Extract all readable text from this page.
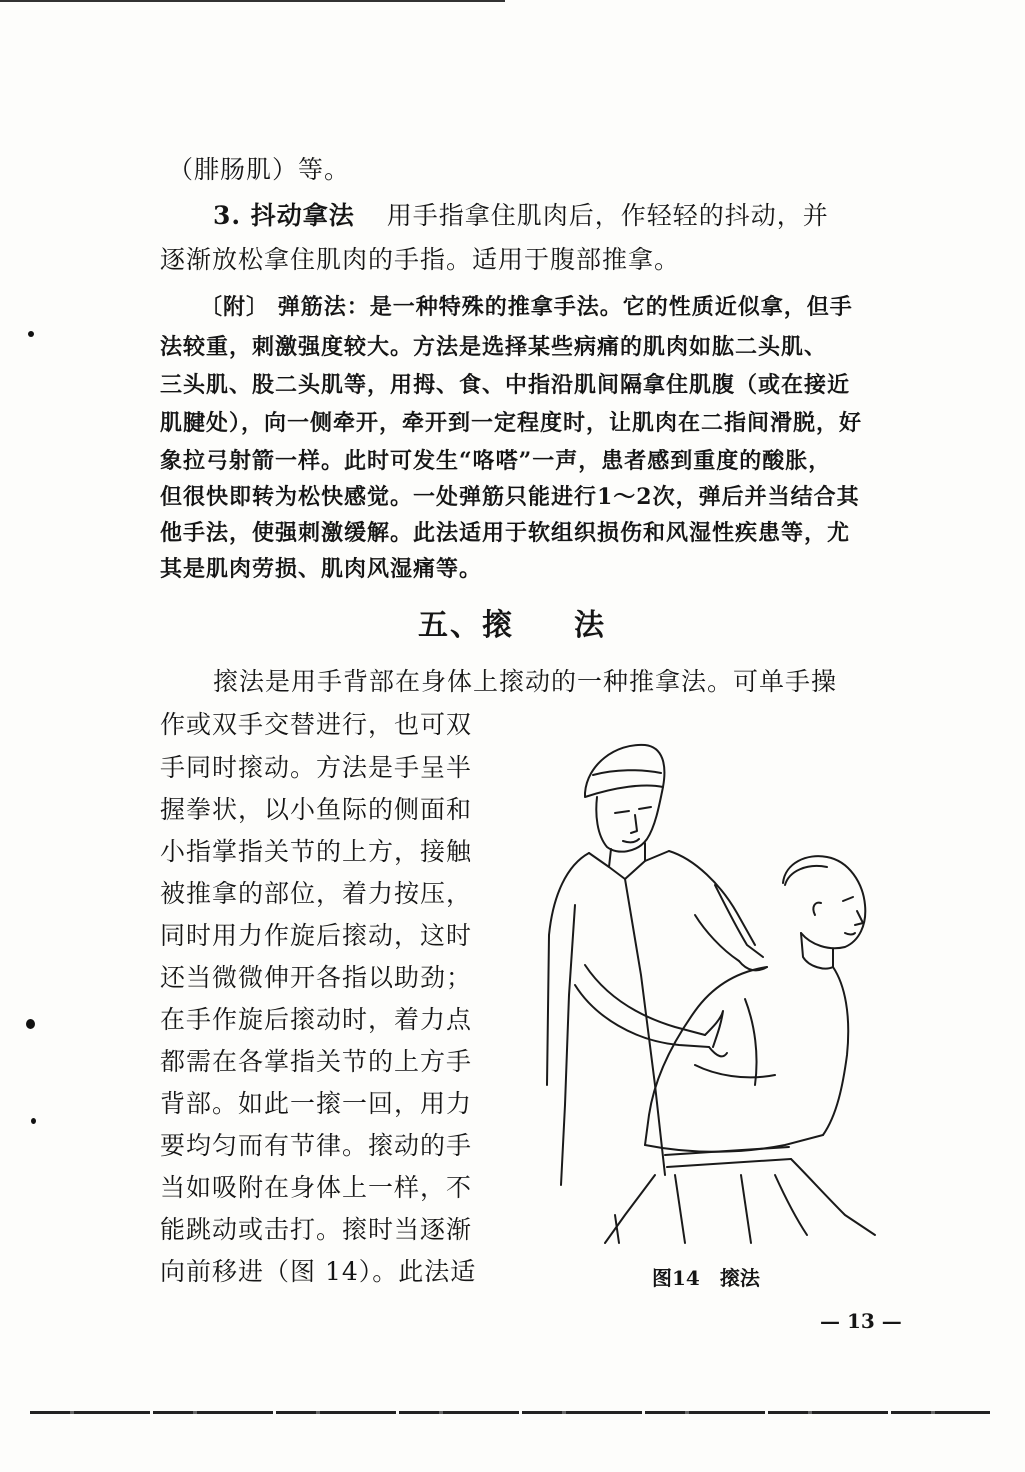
（腓肠肌）等。

3. 抖动拿法 用手指拿住肌肉后，作轻轻的抖动，并

逐渐放松拿住肌肉的手指。适用于腹部推拿。

〔附〕 弹筋法：是一种特殊的推拿手法。它的性质近似拿，但手

法较重，刺激强度较大。方法是选择某些病痛的肌肉如肱二头肌、

三头肌、股二头肌等，用拇、食、中指沿肌间隔拿住肌腹（或在接近

肌腱处），向一侧牵开，牵开到一定程度时，让肌肉在二指间滑脱，好

象拉弓射箭一样。此时可发生“咯嗒”一声，患者感到重度的酸胀，

但很快即转为松快感觉。一处弹筋只能进行1～2次，弹后并当结合其

他手法，使强刺激缓解。此法适用于软组织损伤和风湿性疾患等，尤

其是肌肉劳损、肌肉风湿痛等。

五、㨰 法

㨰法是用手背部在身体上㨰动的一种推拿法。可单手操

作或双手交替进行，也可双

手同时㨰动。方法是手呈半

握拳状，以小鱼际的侧面和

小指掌指关节的上方，接触

被推拿的部位，着力按压，

同时用力作旋后㨰动，这时

还当微微伸开各指以助劲；

在手作旋后㨰动时，着力点

都需在各掌指关节的上方手

背部。如此一㨰一回，用力

要均匀而有节律。㨰动的手

当如吸附在身体上一样，不

能跳动或击打。㨰时当逐渐

向前移进（图 14）。此法适	图14 㨰法
— 13 —
